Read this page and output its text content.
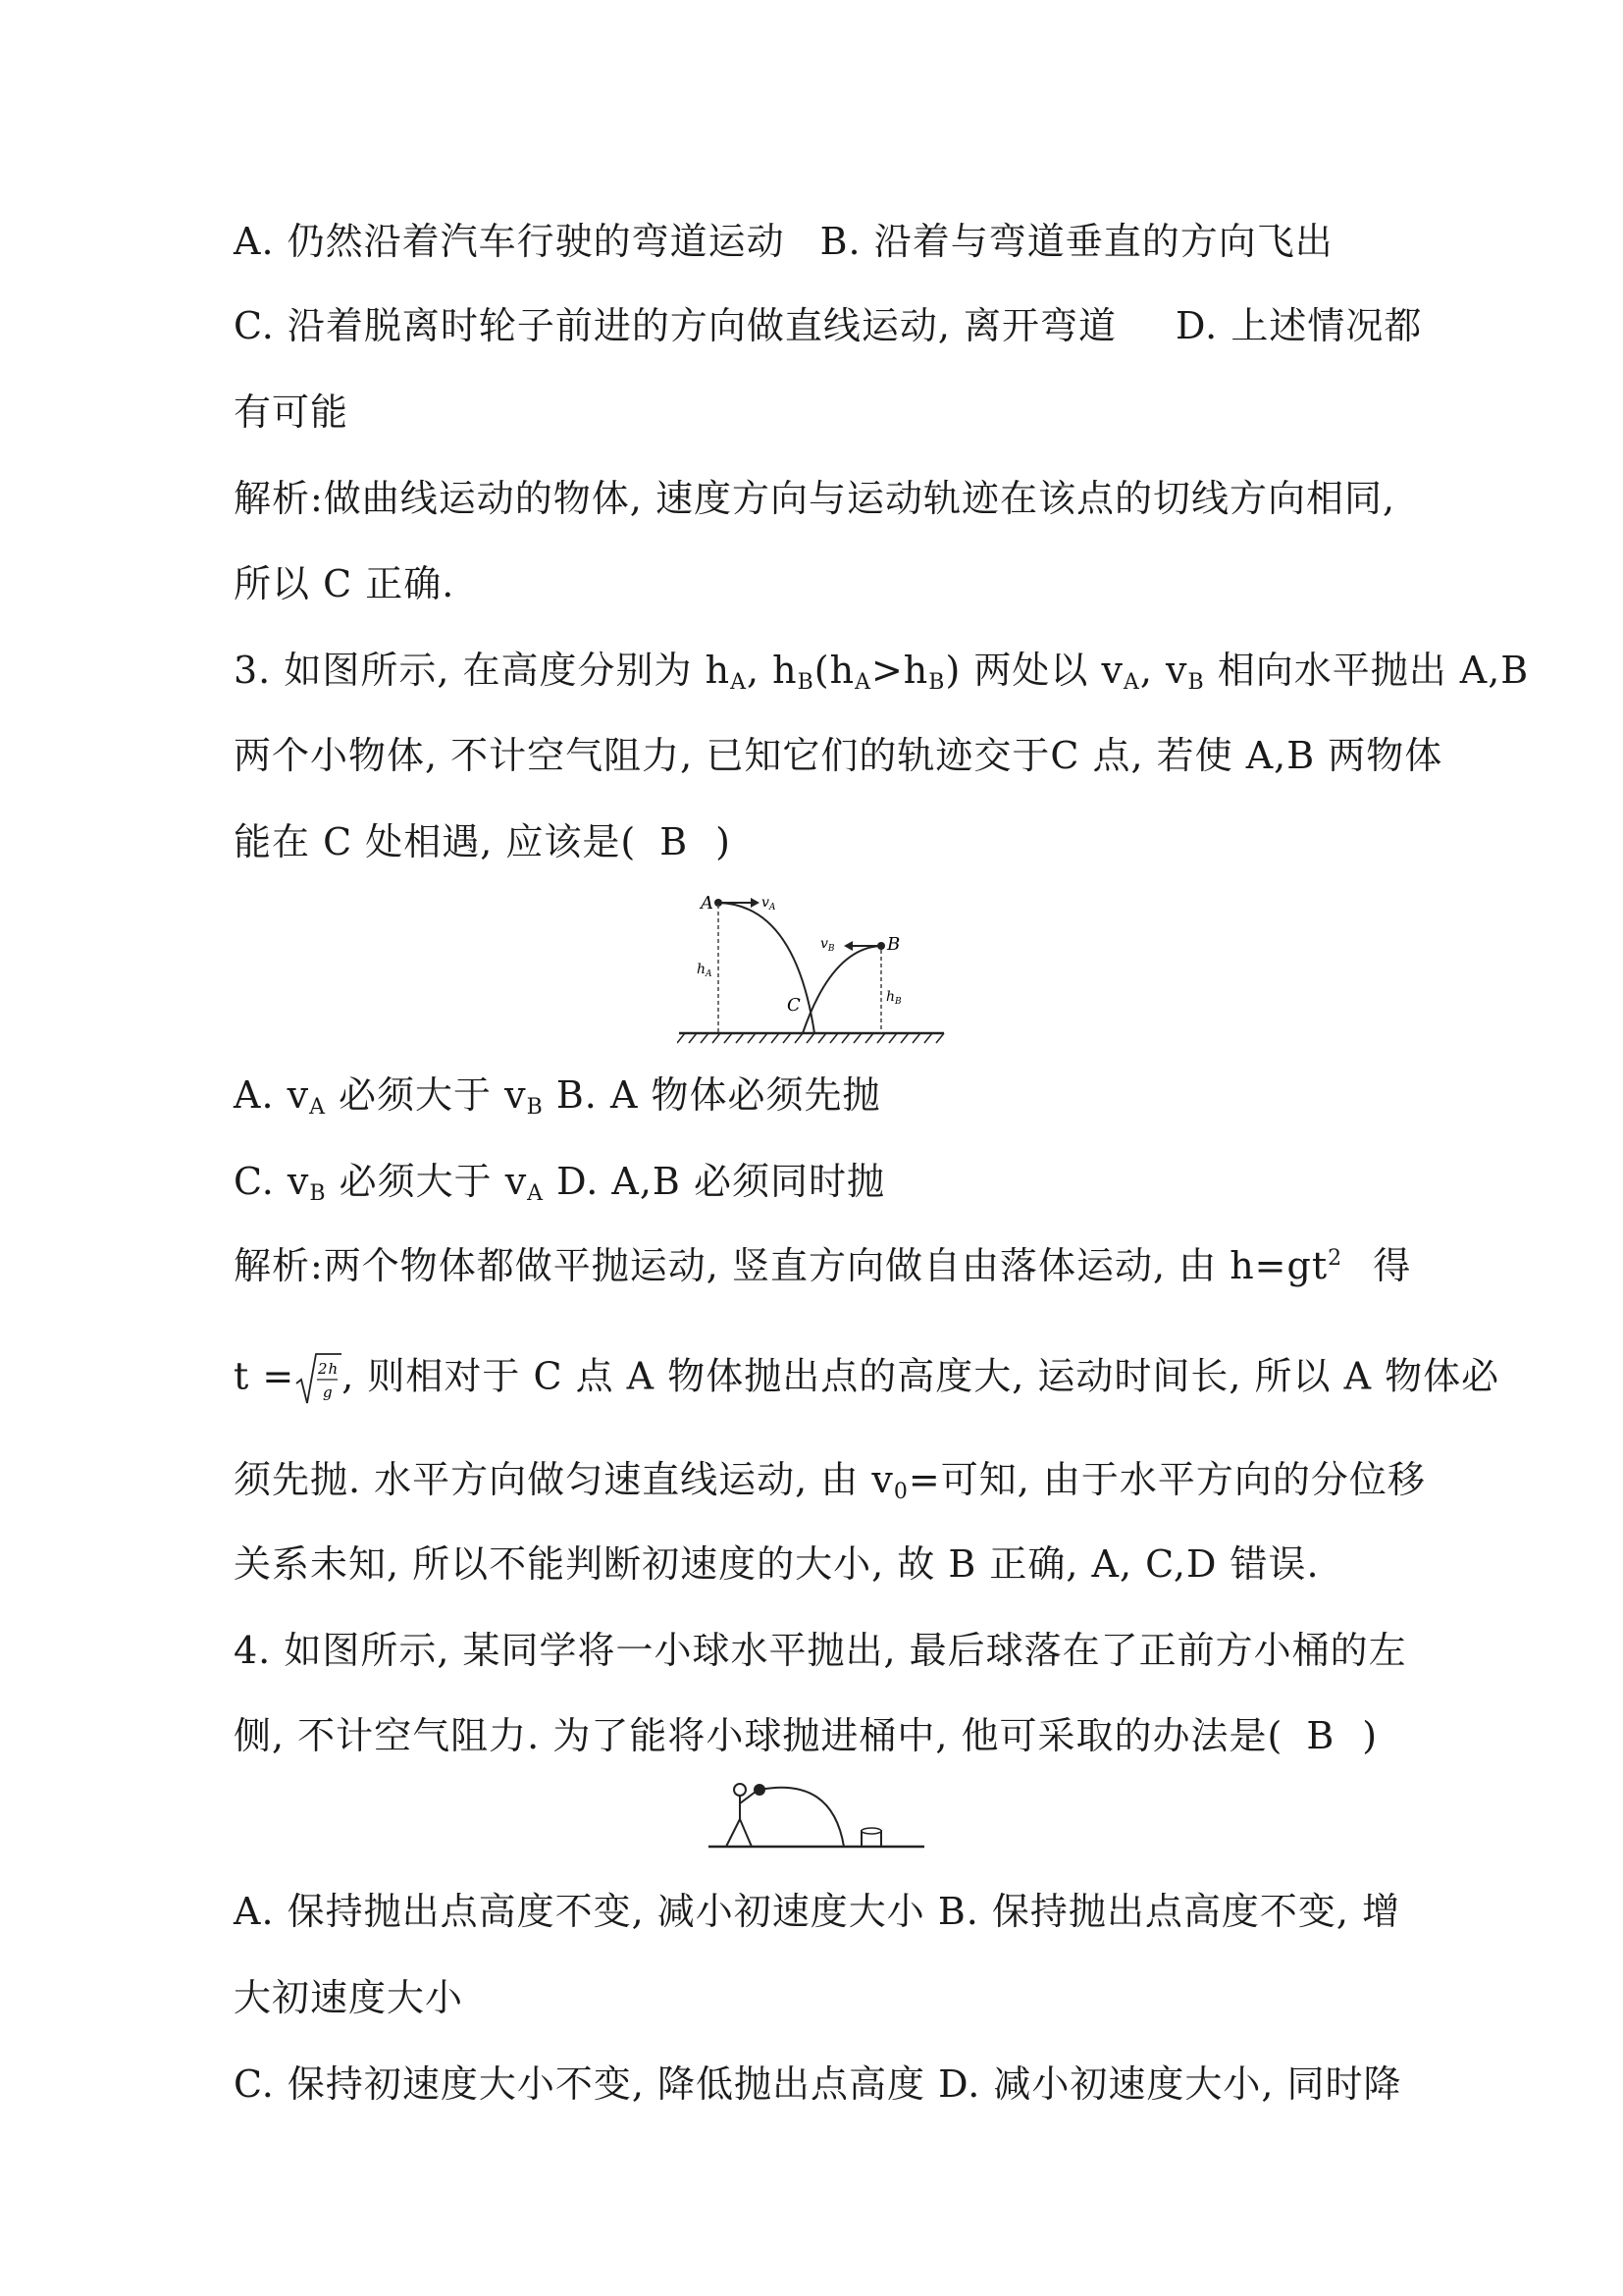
A. 仍然沿着汽车行驶的弯道运动 B. 沿着与弯道垂直的方向飞出
C. 沿着脱离时轮子前进的方向做直线运动, 离开弯道 D. 上述情况都
有可能
解析:做曲线运动的物体, 速度方向与运动轨迹在该点的切线方向相同,
所以 C 正确.
3. 如图所示, 在高度分别为 $h_A$, $h_B(h_A>h_B)$ 两处以 $v_A$, $v_B$ 相向水平抛出 A,B
两个小物体, 不计空气阻力, 已知它们的轨迹交于C 点, 若使 A,B 两物体
能在 C 处相遇, 应该是( B )
A	$v_A$
$h_A$
$v_B$	B
$h_B$
C
A. $v_A$ 必须大于 $v_B$ B. A 物体必须先抛
C. $v_B$ 必须大于 $v_A$ D. A,B 必须同时抛
解析:两个物体都做平抛运动, 竖直方向做自由落体运动, 由 $h=gt^2$ 得
t = 2h
g , 则相对于 C 点 A 物体抛出点的高度大, 运动时间长, 所以 A 物体必
须先抛. 水平方向做匀速直线运动, 由 $v_0=$可知, 由于水平方向的分位移
关系未知, 所以不能判断初速度的大小, 故 B 正确, A, C,D 错误.
4. 如图所示, 某同学将一小球水平抛出, 最后球落在了正前方小桶的左
侧, 不计空气阻力. 为了能将小球抛进桶中, 他可采取的办法是( B )
A. 保持抛出点高度不变, 减小初速度大小 B. 保持抛出点高度不变, 增
大初速度大小
C. 保持初速度大小不变, 降低抛出点高度 D. 减小初速度大小, 同时降
